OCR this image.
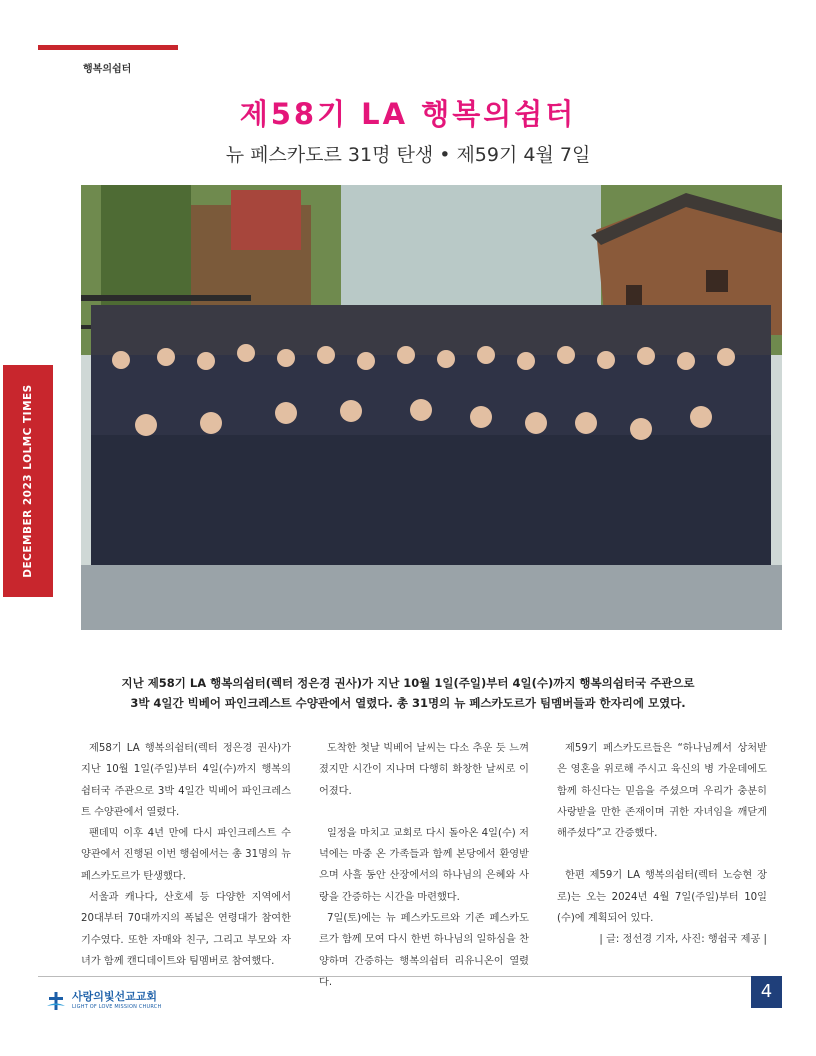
행복의쉼터
제58기 LA 행복의쉼터
뉴 페스카도르 31명 탄생 • 제59기 4월 7일
DECEMBER 2023 LOLMC TIMES
지난 제58기 LA 행복의쉼터(렉터 정은경 권사)가 지난 10월 1일(주일)부터 4일(수)까지 행복의쉼터국 주관으로
3박 4일간 빅베어 파인크레스트 수양관에서 열렸다. 총 31명의 뉴 페스카도르가 팀멤버들과 한자리에 모였다.

제58기 LA 행복의쉼터(렉터 정은경 권사)가 지난 10월 1일(주일)부터 4일(수)까지 행복의쉼터국 주관으로 3박 4일간 빅베어 파인크레스트 수양관에서 열렸다.

팬데믹 이후 4년 만에 다시 파인크레스트 수양관에서 진행된 이번 행쉼에서는 총 31명의 뉴 페스카도르가 탄생했다.

서울과 캐나다, 산호세 등 다양한 지역에서 20대부터 70대까지의 폭넓은 연령대가 참여한 기수였다. 또한 자매와 친구, 그리고 부모와 자녀가 함께 캔디데이트와 팀멤버로 참여했다.

도착한 첫날 빅베어 날씨는 다소 추운 듯 느껴졌지만 시간이 지나며 다행히 화창한 날씨로 이어졌다.

일정을 마치고 교회로 다시 돌아온 4일(수) 저녁에는 마중 온 가족들과 함께 본당에서 환영받으며 사흘 동안 산장에서의 하나님의 은혜와 사랑을 간증하는 시간을 마련했다.

7일(토)에는 뉴 페스카도르와 기존 페스카도르가 함께 모여 다시 한번 하나님의 일하심을 찬양하며 간증하는 행복의쉼터 리유니온이 열렸다.

제59기 페스카도르들은 “하나님께서 상처받은 영혼을 위로해 주시고 육신의 병 가운데에도 함께 하신다는 믿음을 주셨으며 우리가 충분히 사랑받을 만한 존재이며 귀한 자녀임을 깨닫게 해주셨다”고 간증했다.

한편 제59기 LA 행복의쉼터(렉터 노승현 장로)는 오는 2024년 4월 7일(주일)부터 10일(수)에 계획되어 있다.

| 글: 정선경 기자, 사진: 행쉼국 제공 |

사랑의빛선교교회
LIGHT OF LOVE MISSION CHURCH
4
